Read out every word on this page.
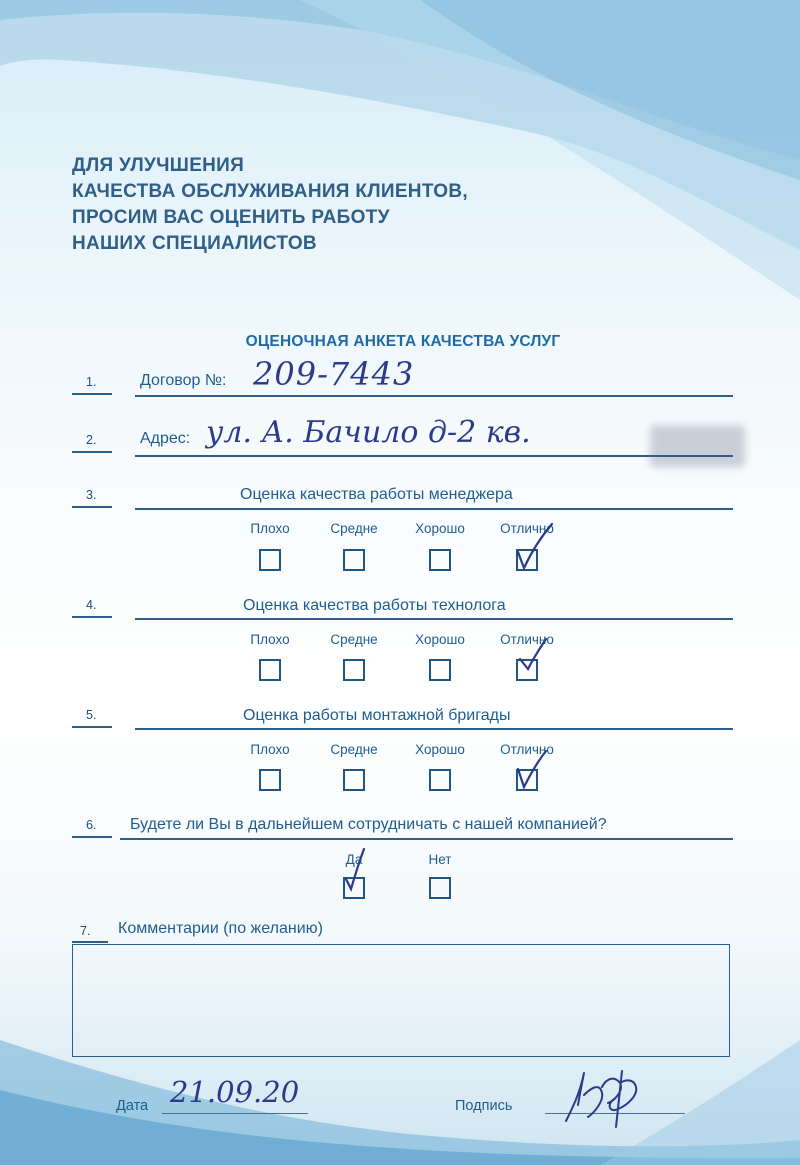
ДЛЯ УЛУЧШЕНИЯ
КАЧЕСТВА ОБСЛУЖИВАНИЯ КЛИЕНТОВ,
ПРОСИМ ВАС ОЦЕНИТЬ РАБОТУ
НАШИХ СПЕЦИАЛИСТОВ
ОЦЕНОЧНАЯ АНКЕТА КАЧЕСТВА УСЛУГ
1.	Договор №: 209-7443
2.	Адрес: ул. А. Бачило д-2 кв.
3.	Оценка качества работы менеджера
Плохо	Средне	Хорошо	Отлично
4.	Оценка качества работы технолога
Плохо	Средне	Хорошо	Отлично
5.	Оценка работы монтажной бригады
Плохо	Средне	Хорошо	Отлично
6. Будете ли Вы в дальнейшем сотрудничать с нашей компанией?
Да	Нет
7. Комментарии (по желанию)
Дата 21.09.20	Подпись
